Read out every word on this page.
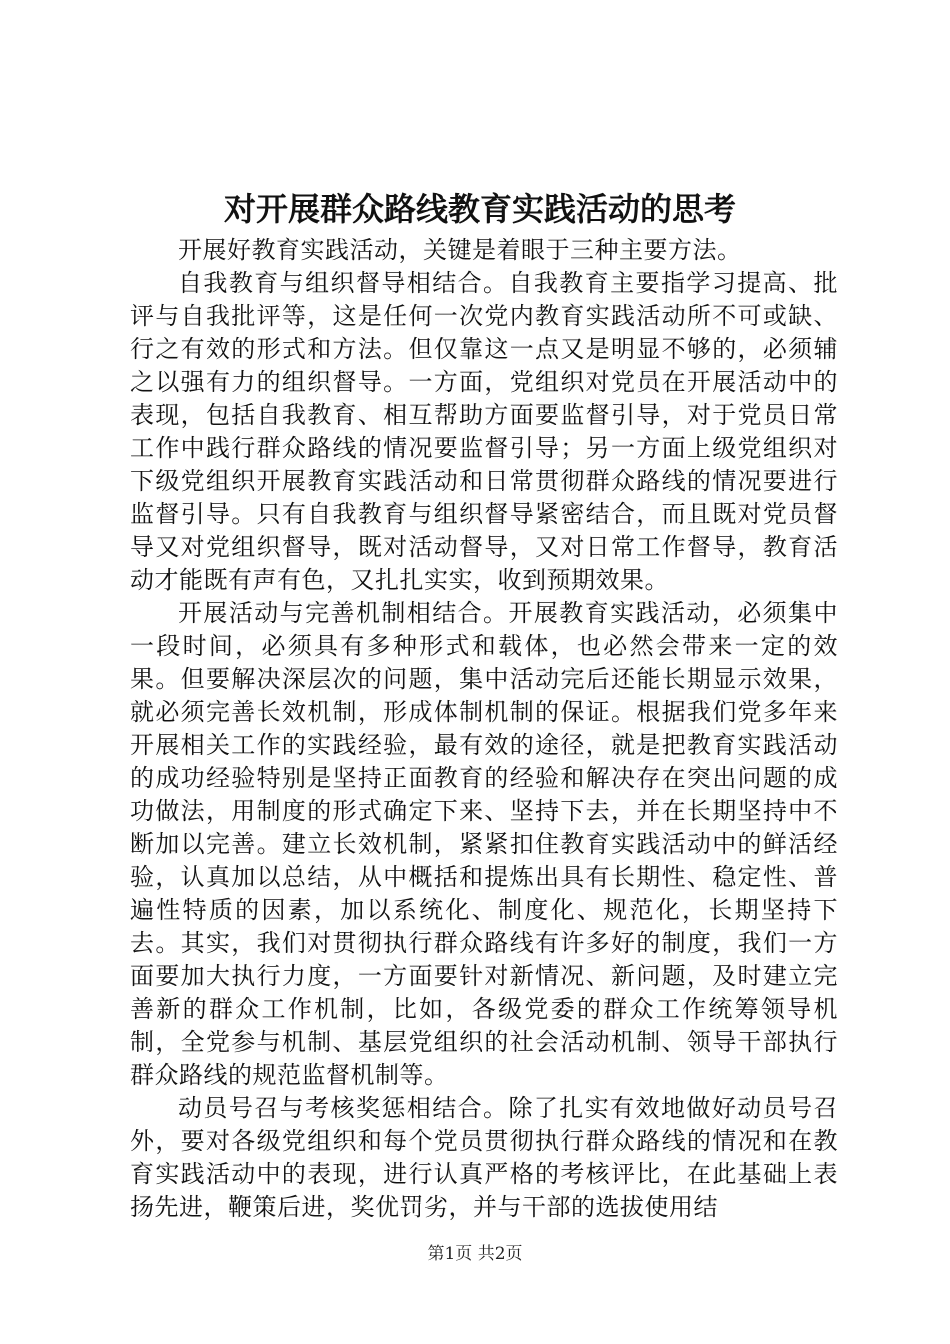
对开展群众路线教育实践活动的思考

开展好教育实践活动，关键是着眼于三种主要方法。

自我教育与组织督导相结合。自我教育主要指学习提高、批评与自我批评等，这是任何一次党内教育实践活动所不可或缺、行之有效的形式和方法。但仅靠这一点又是明显不够的，必须辅之以强有力的组织督导。一方面，党组织对党员在开展活动中的表现，包括自我教育、相互帮助方面要监督引导，对于党员日常工作中践行群众路线的情况要监督引导；另一方面上级党组织对下级党组织开展教育实践活动和日常贯彻群众路线的情况要进行监督引导。只有自我教育与组织督导紧密结合，而且既对党员督导又对党组织督导，既对活动督导，又对日常工作督导，教育活动才能既有声有色，又扎扎实实，收到预期效果。

开展活动与完善机制相结合。开展教育实践活动，必须集中一段时间，必须具有多种形式和载体，也必然会带来一定的效果。但要解决深层次的问题，集中活动完后还能长期显示效果，就必须完善长效机制，形成体制机制的保证。根据我们党多年来开展相关工作的实践经验，最有效的途径，就是把教育实践活动的成功经验特别是坚持正面教育的经验和解决存在突出问题的成功做法，用制度的形式确定下来、坚持下去，并在长期坚持中不断加以完善。建立长效机制，紧紧扣住教育实践活动中的鲜活经验，认真加以总结，从中概括和提炼出具有长期性、稳定性、普遍性特质的因素，加以系统化、制度化、规范化，长期坚持下去。其实，我们对贯彻执行群众路线有许多好的制度，我们一方面要加大执行力度，一方面要针对新情况、新问题，及时建立完善新的群众工作机制，比如，各级党委的群众工作统筹领导机制，全党参与机制、基层党组织的社会活动机制、领导干部执行群众路线的规范监督机制等。

动员号召与考核奖惩相结合。除了扎实有效地做好动员号召外，要对各级党组织和每个党员贯彻执行群众路线的情况和在教育实践活动中的表现，进行认真严格的考核评比，在此基础上表扬先进，鞭策后进，奖优罚劣，并与干部的选拔使用结

第1页 共2页
